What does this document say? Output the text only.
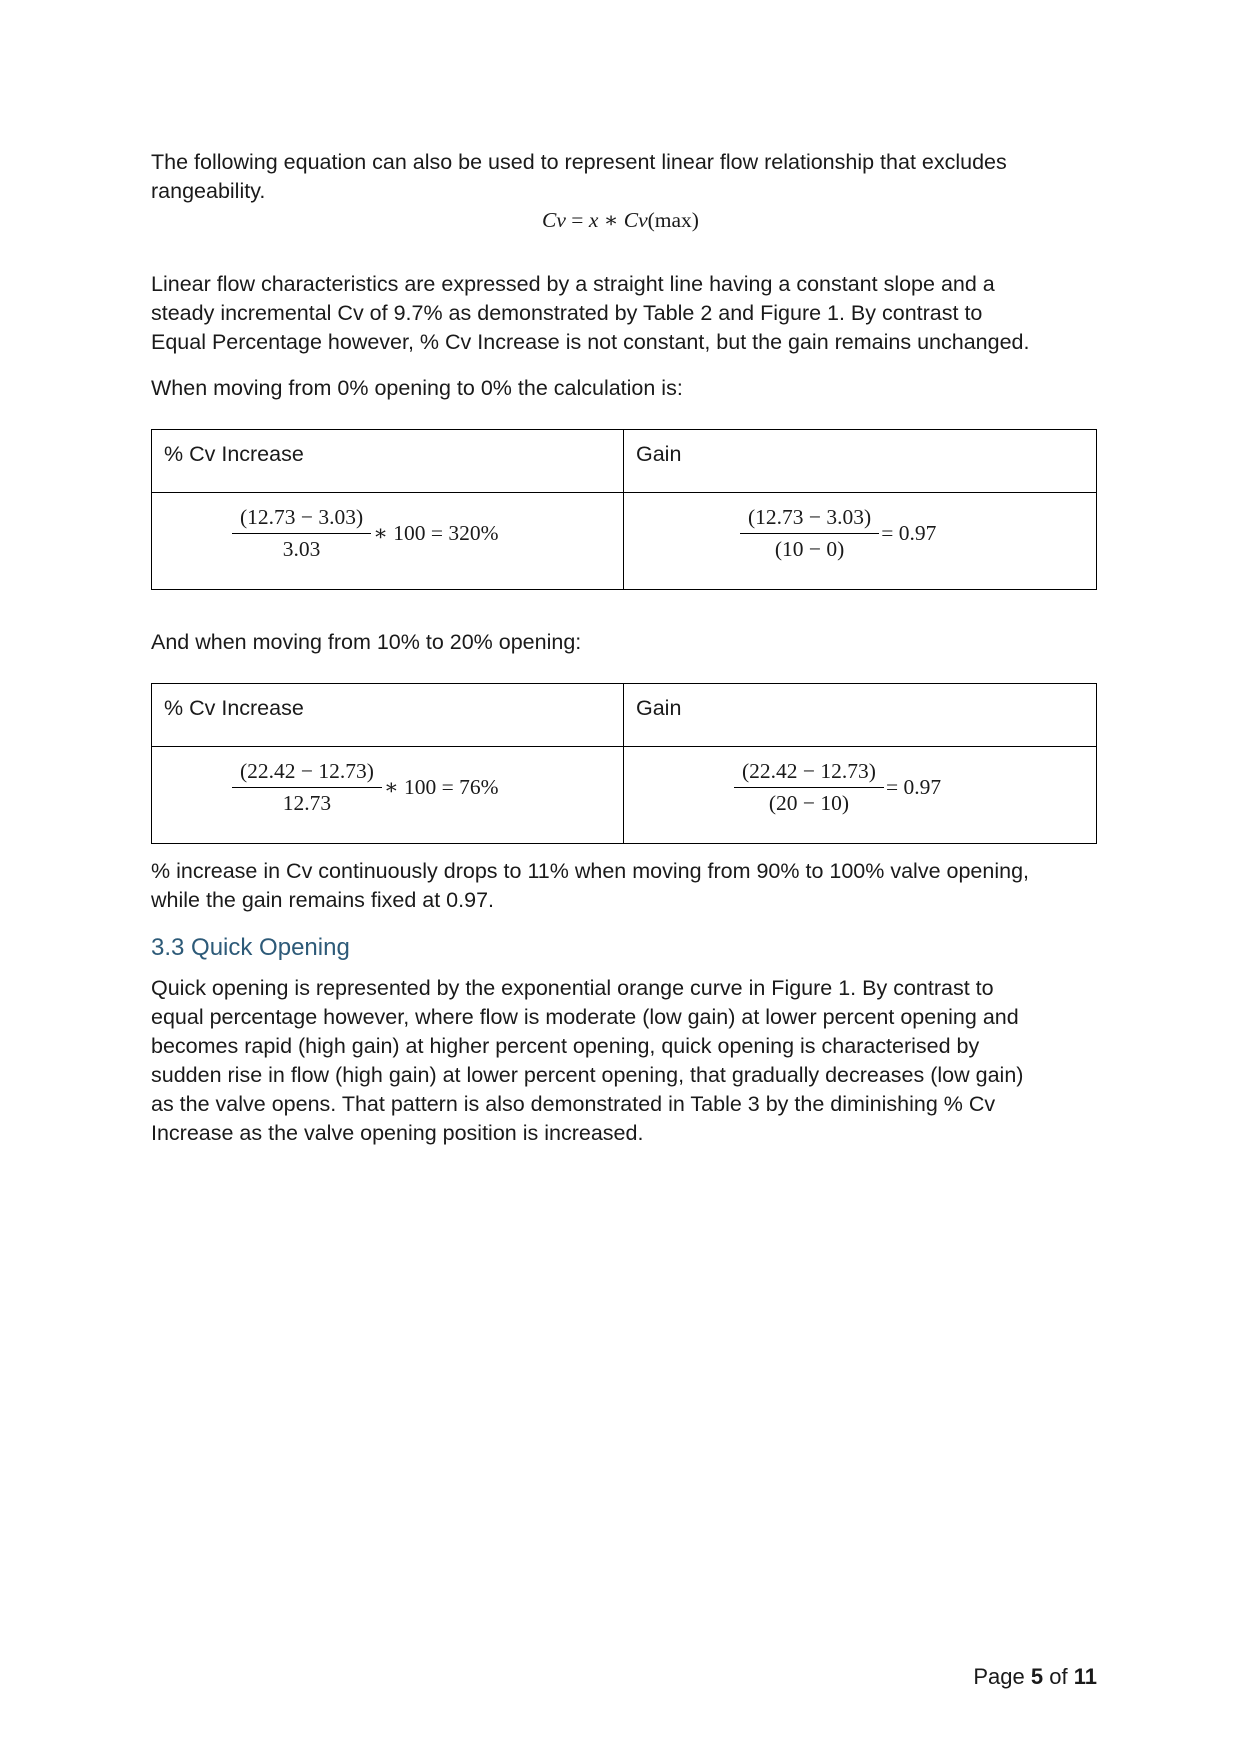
The following equation can also be used to represent linear flow relationship that excludes
rangeability.

Cv = x ∗ Cv(max)

Linear flow characteristics are expressed by a straight line having a constant slope and a
steady incremental Cv of 9.7% as demonstrated by Table 2 and Figure 1. By contrast to
Equal Percentage however, % Cv Increase is not constant, but the gain remains unchanged.

When moving from 0% opening to 0% the calculation is:

% Cv Increase	Gain

$\frac{(12.73 - 3.03)}{3.03}$ ∗ 100 = 320%	$\frac{(12.73 - 3.03)}{(10 - 0)} = 0.97$

And when moving from 10% to 20% opening:

% Cv Increase	Gain

$\frac{(22.42 - 12.73)}{12.73}$ ∗ 100 = 76%	$\frac{(22.42 - 12.73)}{(20 - 10)} = 0.97$

% increase in Cv continuously drops to 11% when moving from 90% to 100% valve opening,
while the gain remains fixed at 0.97.

3.3 Quick Opening

Quick opening is represented by the exponential orange curve in Figure 1. By contrast to
equal percentage however, where flow is moderate (low gain) at lower percent opening and
becomes rapid (high gain) at higher percent opening, quick opening is characterised by
sudden rise in flow (high gain) at lower percent opening, that gradually decreases (low gain)
as the valve opens. That pattern is also demonstrated in Table 3 by the diminishing % Cv
Increase as the valve opening position is increased.

Page 5 of 11
